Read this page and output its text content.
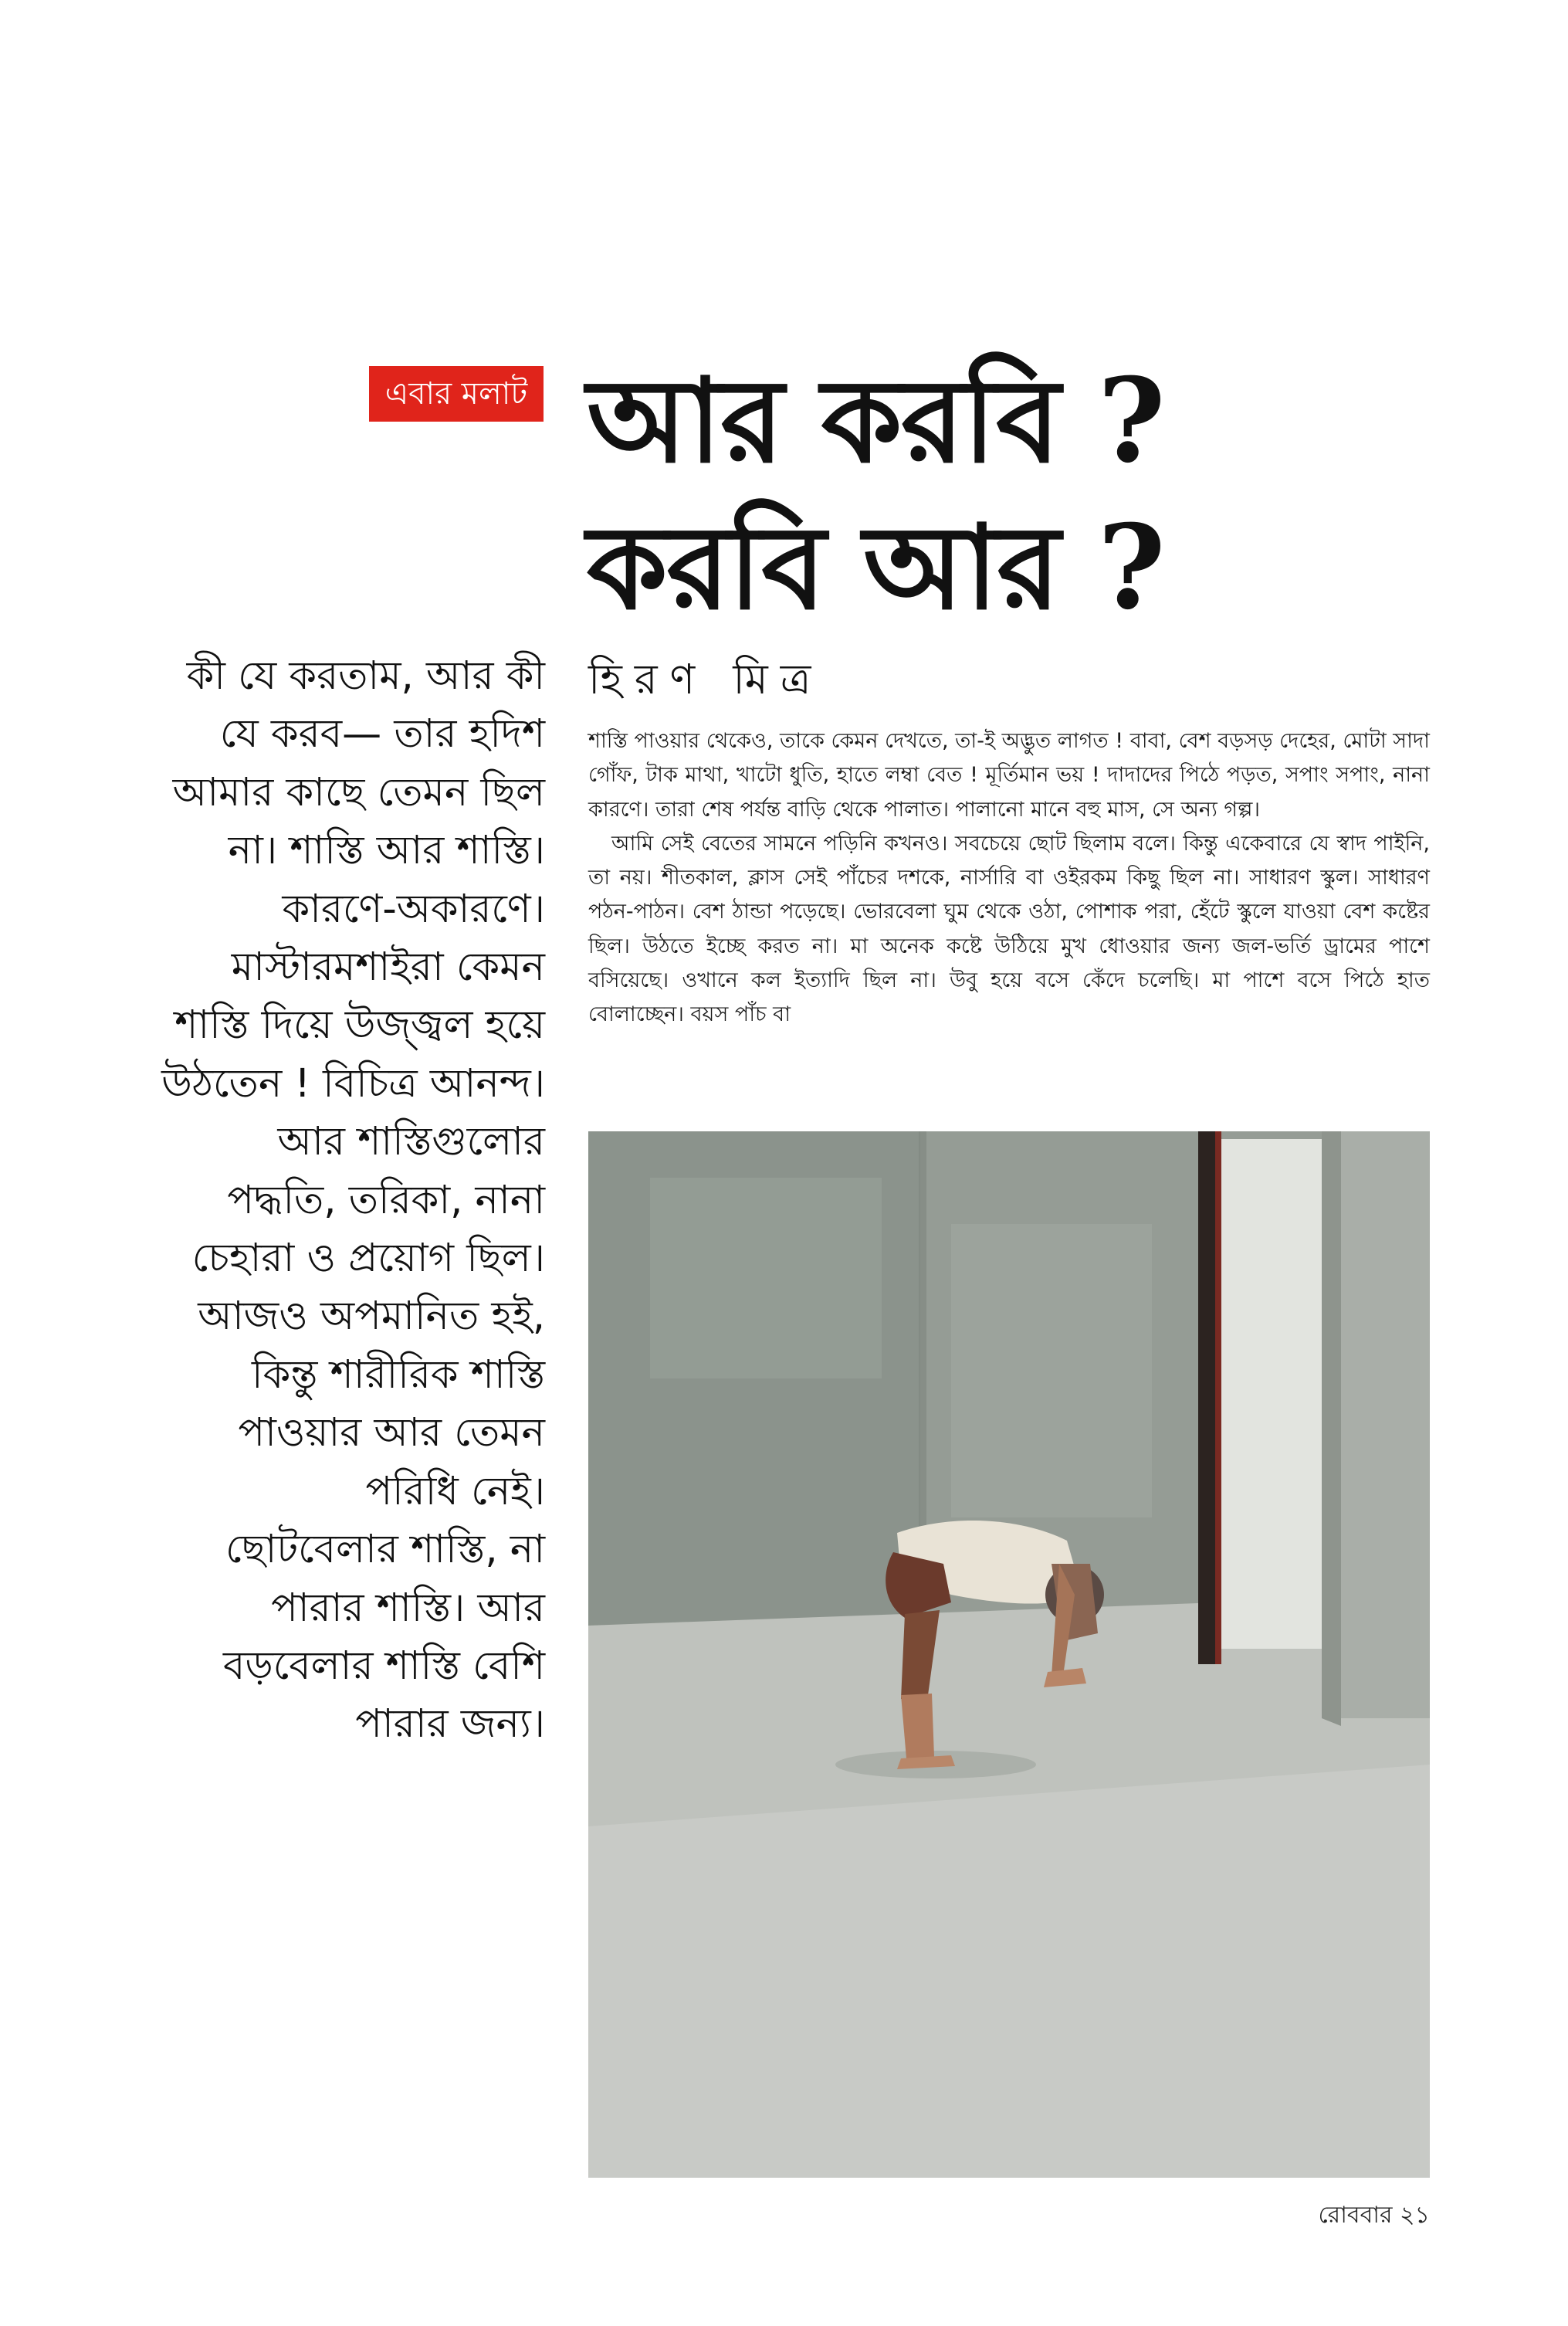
এবার মলাট আর করবি ?
করবি আর ?
কী যে করতাম, আর কী
যে করব— তার হদিশ
আমার কাছে তেমন ছিল
না। শাস্তি আর শাস্তি।
কারণে-অকারণে।
মাস্টারমশাইরা কেমন
শাস্তি দিয়ে উজ্জ্বল হয়ে
উঠতেন ! বিচিত্র আনন্দ।
আর শাস্তিগুলোর
পদ্ধতি, তরিকা, নানা
চেহারা ও প্রয়োগ ছিল।
আজও অপমানিত হই,
কিন্তু শারীরিক শাস্তি
পাওয়ার আর তেমন
পরিধি নেই।
ছোটবেলার শাস্তি, না
পারার শাস্তি। আর
বড়বেলার শাস্তি বেশি
পারার জন্য।
হিরণ মিত্র

শাস্তি পাওয়ার থেকেও, তাকে কেমন দেখতে, তা-ই অদ্ভুত লাগত ! বাবা, বেশ বড়সড় দেহের, মোটা সাদা গোঁফ, টাক মাথা, খাটো ধুতি, হাতে লম্বা বেত ! মূর্তিমান ভয় ! দাদাদের পিঠে পড়ত, সপাং সপাং, নানা কারণে। তারা শেষ পর্যন্ত বাড়ি থেকে পালাত। পালানো মানে বহু মাস, সে অন্য গল্প।

আমি সেই বেতের সামনে পড়িনি কখনও। সবচেয়ে ছোট ছিলাম বলে। কিন্তু একেবারে যে স্বাদ পাইনি, তা নয়। শীতকাল, ক্লাস সেই পাঁচের দশকে, নার্সারি বা ওইরকম কিছু ছিল না। সাধারণ স্কুল। সাধারণ পঠন-পাঠন। বেশ ঠান্ডা পড়েছে। ভোরবেলা ঘুম থেকে ওঠা, পোশাক পরা, হেঁটে স্কুলে যাওয়া বেশ কষ্টের ছিল। উঠতে ইচ্ছে করত না। মা অনেক কষ্টে উঠিয়ে মুখ ধোওয়ার জন্য জল-ভর্তি ড্রামের পাশে বসিয়েছে। ওখানে কল ইত্যাদি ছিল না। উবু হয়ে বসে কেঁদে চলেছি। মা পাশে বসে পিঠে হাত বোলাচ্ছেন। বয়স পাঁচ বা

রোববার ২১
